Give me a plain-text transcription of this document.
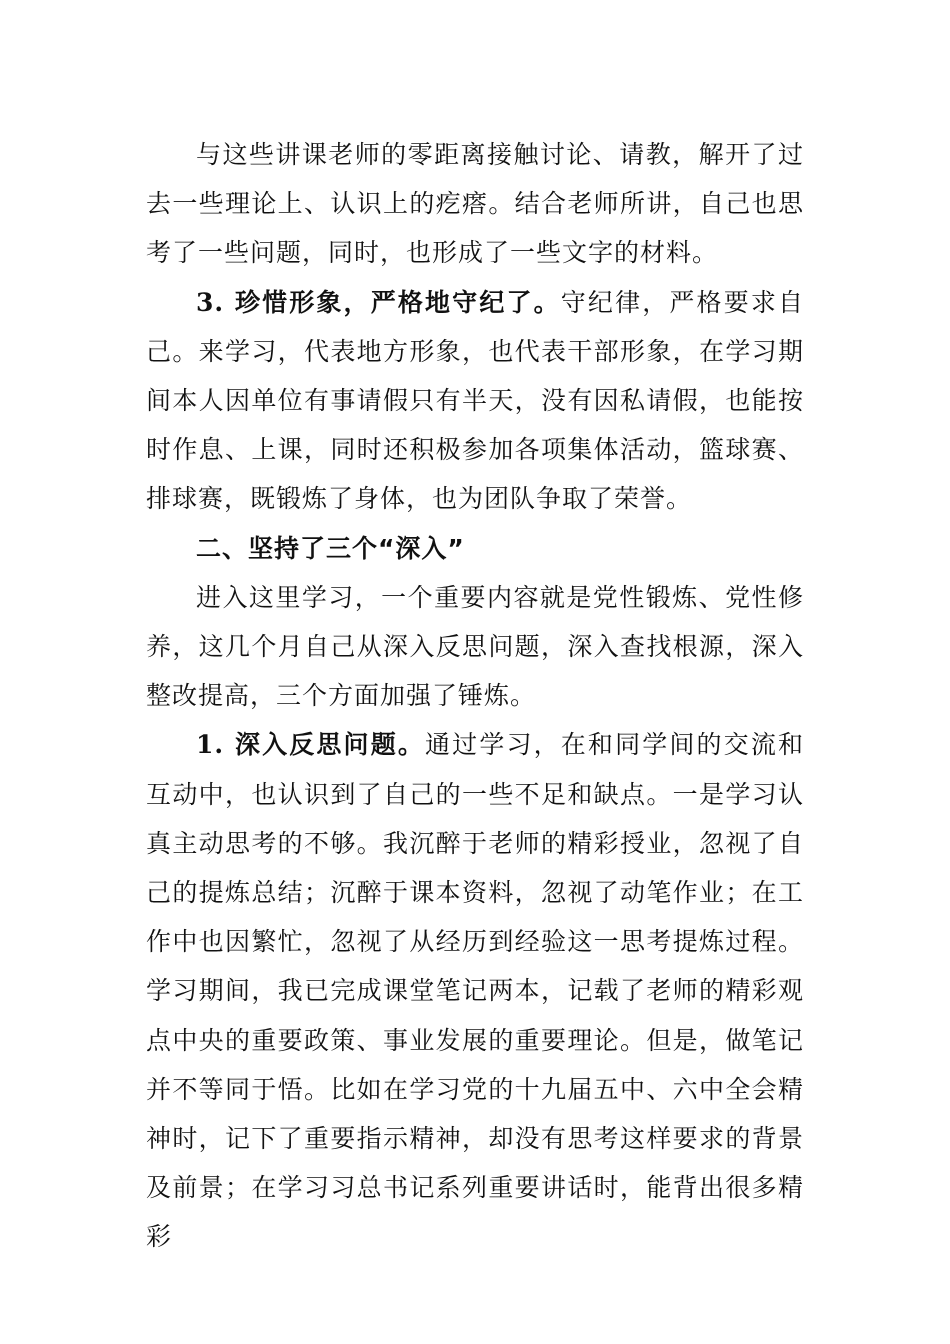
与这些讲课老师的零距离接触讨论、请教，解开了过去一些理论上、认识上的疙瘩。结合老师所讲，自己也思考了一些问题，同时，也形成了一些文字的材料。

3. 珍惜形象，严格地守纪了。守纪律，严格要求自己。来学习，代表地方形象，也代表干部形象，在学习期间本人因单位有事请假只有半天，没有因私请假，也能按时作息、上课，同时还积极参加各项集体活动，篮球赛、排球赛，既锻炼了身体，也为团队争取了荣誉。

二、坚持了三个“深入”

进入这里学习，一个重要内容就是党性锻炼、党性修养，这几个月自己从深入反思问题，深入查找根源，深入整改提高，三个方面加强了锤炼。

1. 深入反思问题。通过学习，在和同学间的交流和互动中，也认识到了自己的一些不足和缺点。一是学习认真主动思考的不够。我沉醉于老师的精彩授业，忽视了自己的提炼总结；沉醉于课本资料，忽视了动笔作业；在工作中也因繁忙，忽视了从经历到经验这一思考提炼过程。学习期间，我已完成课堂笔记两本，记载了老师的精彩观点中央的重要政策、事业发展的重要理论。但是，做笔记并不等同于悟。比如在学习党的十九届五中、六中全会精神时，记下了重要指示精神，却没有思考这样要求的背景及前景；在学习习总书记系列重要讲话时，能背出很多精彩
